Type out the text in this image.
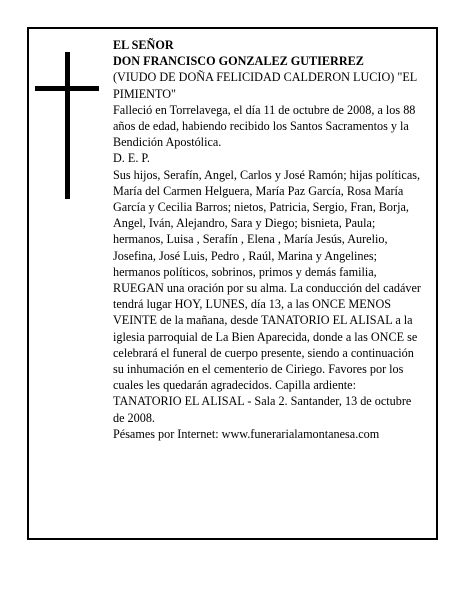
EL SEÑOR

DON FRANCISCO GONZALEZ GUTIERREZ

(VIUDO DE DOÑA FELICIDAD CALDERON LUCIO) "EL PIMIENTO"

Falleció en Torrelavega, el día 11 de octubre de 2008, a los 88 años de edad, habiendo recibido los Santos Sacramentos y la Bendición Apostólica.

D. E. P.

Sus hijos, Serafín, Angel, Carlos y José Ramón; hijas políticas, María del Carmen Helguera, María Paz García, Rosa María García y Cecilia Barros; nietos, Patricia, Sergio, Fran, Borja, Angel, Iván, Alejandro, Sara y Diego; bisnieta, Paula; hermanos, Luisa , Serafín , Elena , María Jesús, Aurelio, Josefina, José Luis, Pedro , Raúl, Marina y Angelines; hermanos políticos, sobrinos, primos y demás familia,

RUEGAN una oración por su alma. La conducción del cadáver tendrá lugar HOY, LUNES, día 13, a las ONCE MENOS VEINTE de la mañana, desde TANATORIO EL ALISAL a la iglesia parroquial de La Bien Aparecida, donde a las ONCE se celebrará el funeral de cuerpo presente, siendo a continuación su inhumación en el cementerio de Ciriego. Favores por los cuales les quedarán agradecidos. Capilla ardiente: TANATORIO EL ALISAL - Sala 2. Santander, 13 de octubre de 2008.

Pésames por Internet: www.funerarialamontanesa.com
